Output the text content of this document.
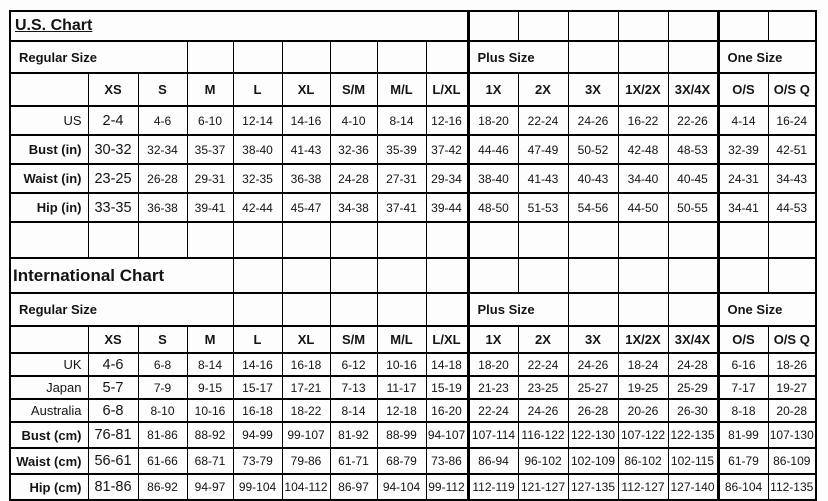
U.S. Chart															
Regular Size									Plus Size					One Size	
	XS	S	M	L	XL	S/M	M/L	L/XL	1X	2X	3X	1X/2X	3X/4X	O/S	O/S Q
US	2-4	4-6	6-10	12-14	14-16	4-10	8-14	12-16	18-20	22-24	24-26	16-22	22-26	4-14	16-24
Bust (in)	30-32	32-34	35-37	38-40	41-43	32-36	35-39	37-42	44-46	47-49	50-52	42-48	48-53	32-39	42-51
Waist (in)	23-25	26-28	29-31	32-35	36-38	24-28	27-31	29-34	38-40	41-43	40-43	34-40	40-45	24-31	34-43
Hip (in)	33-35	36-38	39-41	42-44	45-47	34-38	37-41	39-44	48-50	51-53	54-56	44-50	50-55	34-41	44-53

International Chart															
Regular Size									Plus Size					One Size	
	XS	S	M	L	XL	S/M	M/L	L/XL	1X	2X	3X	1X/2X	3X/4X	O/S	O/S Q
UK	4-6	6-8	8-14	14-16	16-18	6-12	10-16	14-18	18-20	22-24	24-26	18-24	24-28	6-16	18-26
Japan	5-7	7-9	9-15	15-17	17-21	7-13	11-17	15-19	21-23	23-25	25-27	19-25	25-29	7-17	19-27
Australia	6-8	8-10	10-16	16-18	18-22	8-14	12-18	16-20	22-24	24-26	26-28	20-26	26-30	8-18	20-28
Bust (cm)	76-81	81-86	88-92	94-99	99-107	81-92	88-99	94-107	107-114	116-122	122-130	107-122	122-135	81-99	107-130
Waist (cm)	56-61	61-66	68-71	73-79	79-86	61-71	68-79	73-86	86-94	96-102	102-109	86-102	102-115	61-79	86-109
Hip (cm)	81-86	86-92	94-97	99-104	104-112	86-97	94-104	99-112	112-119	121-127	127-135	112-127	127-140	86-104	112-135
